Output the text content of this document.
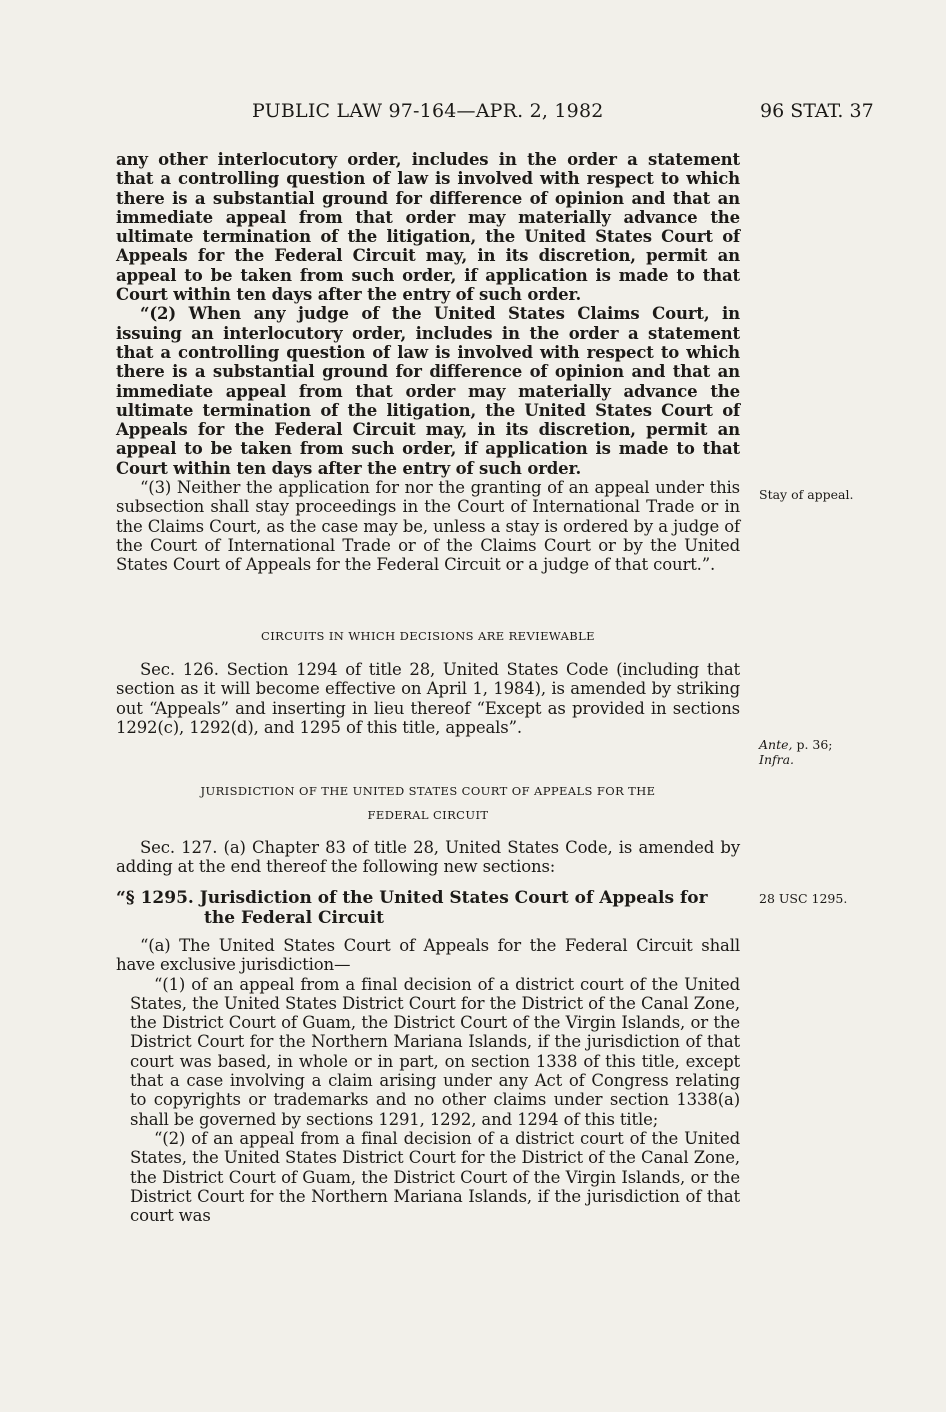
PUBLIC LAW 97-164—APR. 2, 1982	96 STAT. 37

any other interlocutory order, includes in the order a statement that a controlling question of law is involved with respect to which there is a substantial ground for difference of opinion and that an immediate appeal from that order may materially advance the ultimate termination of the litigation, the United States Court of Appeals for the Federal Circuit may, in its discretion, permit an appeal to be taken from such order, if application is made to that Court within ten days after the entry of such order.

“(2) When any judge of the United States Claims Court, in issuing an interlocutory order, includes in the order a statement that a controlling question of law is involved with respect to which there is a substantial ground for difference of opinion and that an immediate appeal from that order may materially advance the ultimate termination of the litigation, the United States Court of Appeals for the Federal Circuit may, in its discretion, permit an appeal to be taken from such order, if application is made to that Court within ten days after the entry of such order.

“(3) Neither the application for nor the granting of an appeal under this subsection shall stay proceedings in the Court of International Trade or in the Claims Court, as the case may be, unless a stay is ordered by a judge of the Court of International Trade or of the Claims Court or by the United States Court of Appeals for the Federal Circuit or a judge of that court.”.

Stay of appeal.
CIRCUITS IN WHICH DECISIONS ARE REVIEWABLE

Sec. 126. Section 1294 of title 28, United States Code (including that section as it will become effective on April 1, 1984), is amended by striking out “Appeals” and inserting in lieu thereof “Except as provided in sections 1292(c), 1292(d), and 1295 of this title, appeals”.

Ante, p. 36;
Infra.
JURISDICTION OF THE UNITED STATES COURT OF APPEALS FOR THE
FEDERAL CIRCUIT

Sec. 127. (a) Chapter 83 of title 28, United States Code, is amended by adding at the end thereof the following new sections:

“§ 1295. Jurisdiction of the United States Court of Appeals for the Federal Circuit

28 USC 1295.

“(a) The United States Court of Appeals for the Federal Circuit shall have exclusive jurisdiction—

“(1) of an appeal from a final decision of a district court of the United States, the United States District Court for the District of the Canal Zone, the District Court of Guam, the District Court of the Virgin Islands, or the District Court for the Northern Mariana Islands, if the jurisdiction of that court was based, in whole or in part, on section 1338 of this title, except that a case involving a claim arising under any Act of Congress relating to copyrights or trademarks and no other claims under section 1338(a) shall be governed by sections 1291, 1292, and 1294 of this title;

“(2) of an appeal from a final decision of a district court of the United States, the United States District Court for the District of the Canal Zone, the District Court of Guam, the District Court of the Virgin Islands, or the District Court for the Northern Mariana Islands, if the jurisdiction of that court was
